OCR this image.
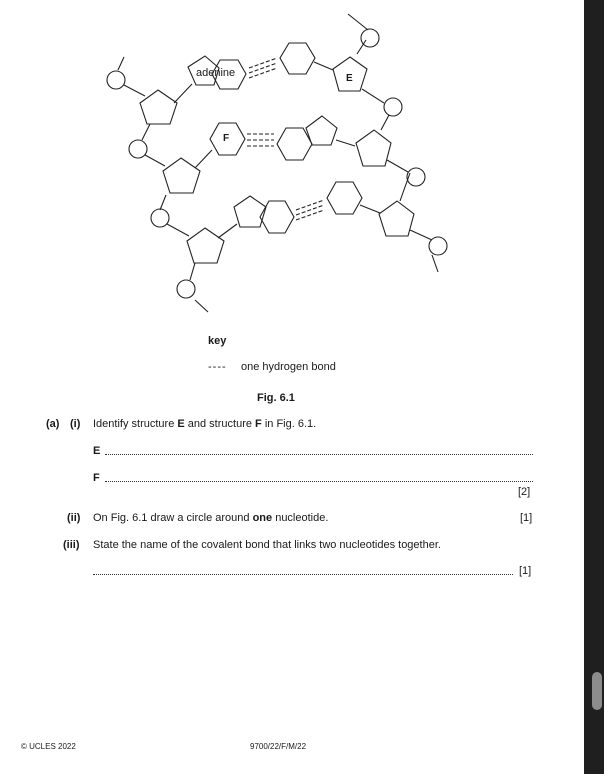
adenine	E
F
key
---- one hydrogen bond
Fig. 6.1
(a) (i) Identify structure E and structure F in Fig. 6.1.
E
F
[2]
(ii) On Fig. 6.1 draw a circle around one nucleotide.	[1]
(iii) State the name of the covalent bond that links two nucleotides together.
[1]
© UCLES 2022	9700/22/F/M/22
